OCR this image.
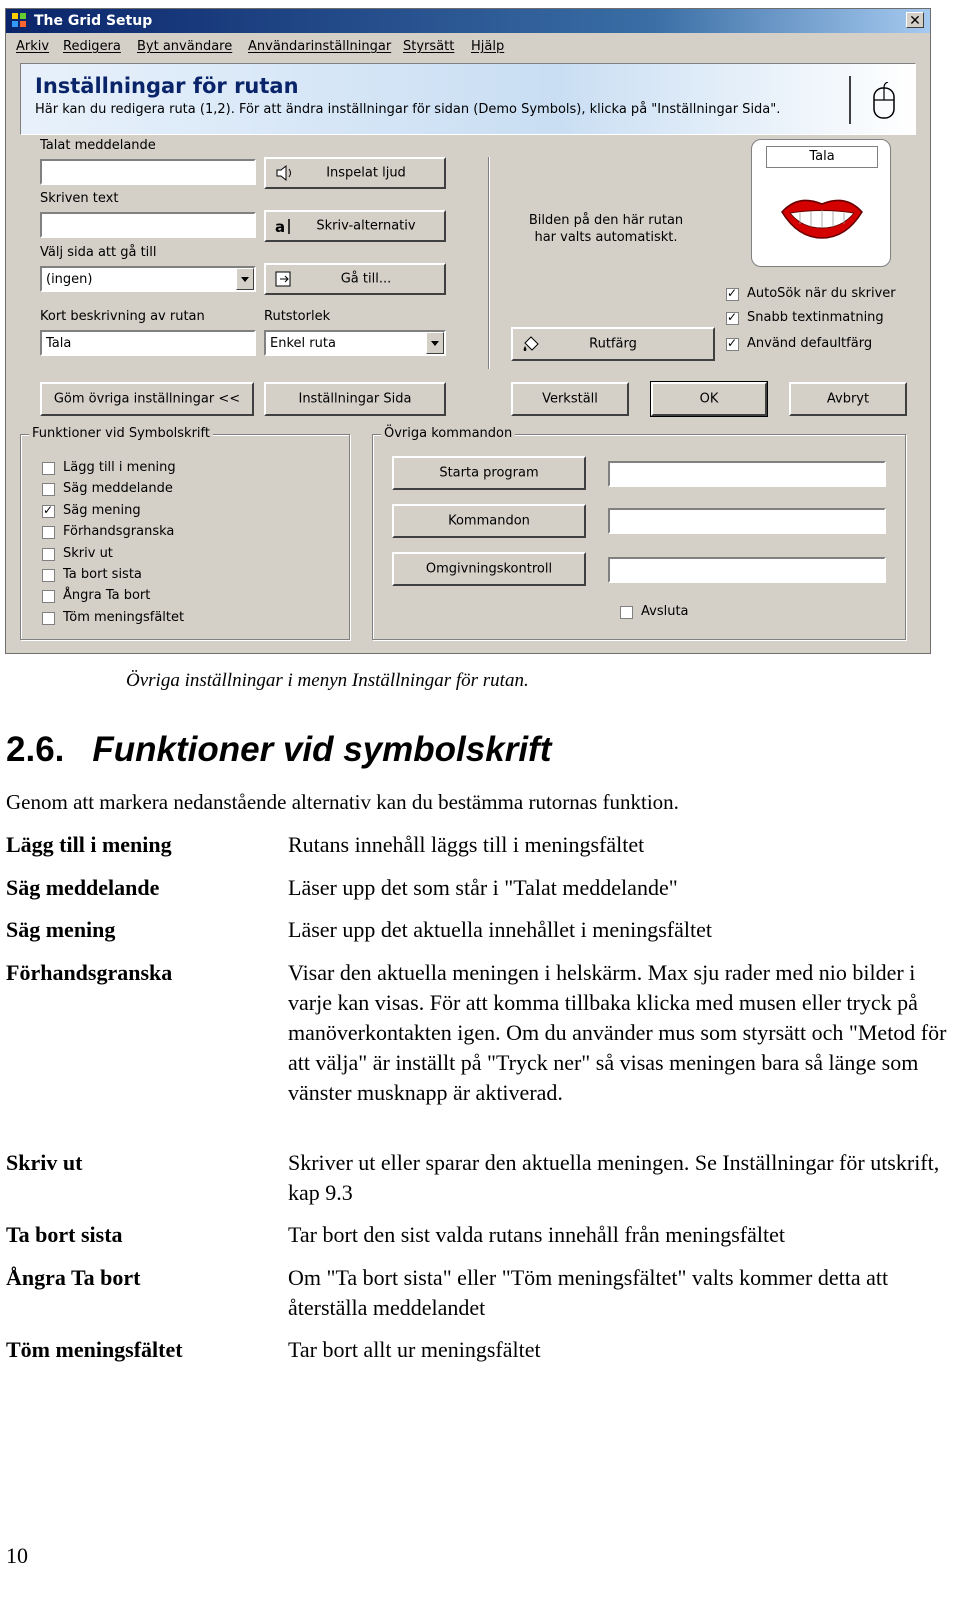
The Grid Setup	✕
Arkiv Redigera Byt användare Användarinställningar Styrsätt Hjälp
Inställningar för rutan
Här kan du redigera ruta (1,2). För att ändra inställningar för sidan (Demo Symbols), klicka på "Inställningar Sida".
Talat meddelande
Skriven text
Välj sida att gå till
(ingen)
Kort beskrivning av rutan
Tala
Rutstorlek
Enkel ruta
Inspelat ljud
a	Skriv-alternativ
Gå till...
Bilden på den här rutan har valts automatiskt.
Rutfärg
Tala
✓
AutoSök när du skriver
✓
Snabb textinmatning
✓
Använd defaultfärg
Göm övriga inställningar <<	Inställningar Sida	Verkställ	OK	Avbryt
Funktioner vid Symbolskrift	Övriga kommandon
Starta program
Kommandon
Omgivningskontroll
Avsluta
Lägg till i mening
Säg meddelande
✓
Säg mening
Förhandsgranska
Skriv ut
Ta bort sista
Ångra Ta bort
Töm meningsfältet
Övriga inställningar i menyn Inställningar för rutan.
2.6. Funktioner vid symbolskrift
Genom att markera nedanstående alternativ kan du bestämma rutornas funktion.
Lägg till i mening	Rutans innehåll läggs till i meningsfältet
Säg meddelande	Läser upp det som står i "Talat meddelande"
Säg mening	Läser upp det aktuella innehållet i meningsfältet
Förhandsgranska	Visar den aktuella meningen i helskärm. Max sju rader med nio bilder i varje kan visas. För att komma tillbaka klicka med musen eller tryck på manöverkontakten igen. Om du använder mus som styrsätt och "Metod för att välja" är inställt på "Tryck ner" så visas meningen bara så länge som vänster musknapp är aktiverad.
Skriv ut	Skriver ut eller sparar den aktuella meningen. Se Inställningar för utskrift, kap 9.3
Ta bort sista	Tar bort den sist valda rutans innehåll från meningsfältet
Ångra Ta bort	Om "Ta bort sista" eller "Töm meningsfältet" valts kommer detta att återställa meddelandet
Töm meningsfältet	Tar bort allt ur meningsfältet
10
